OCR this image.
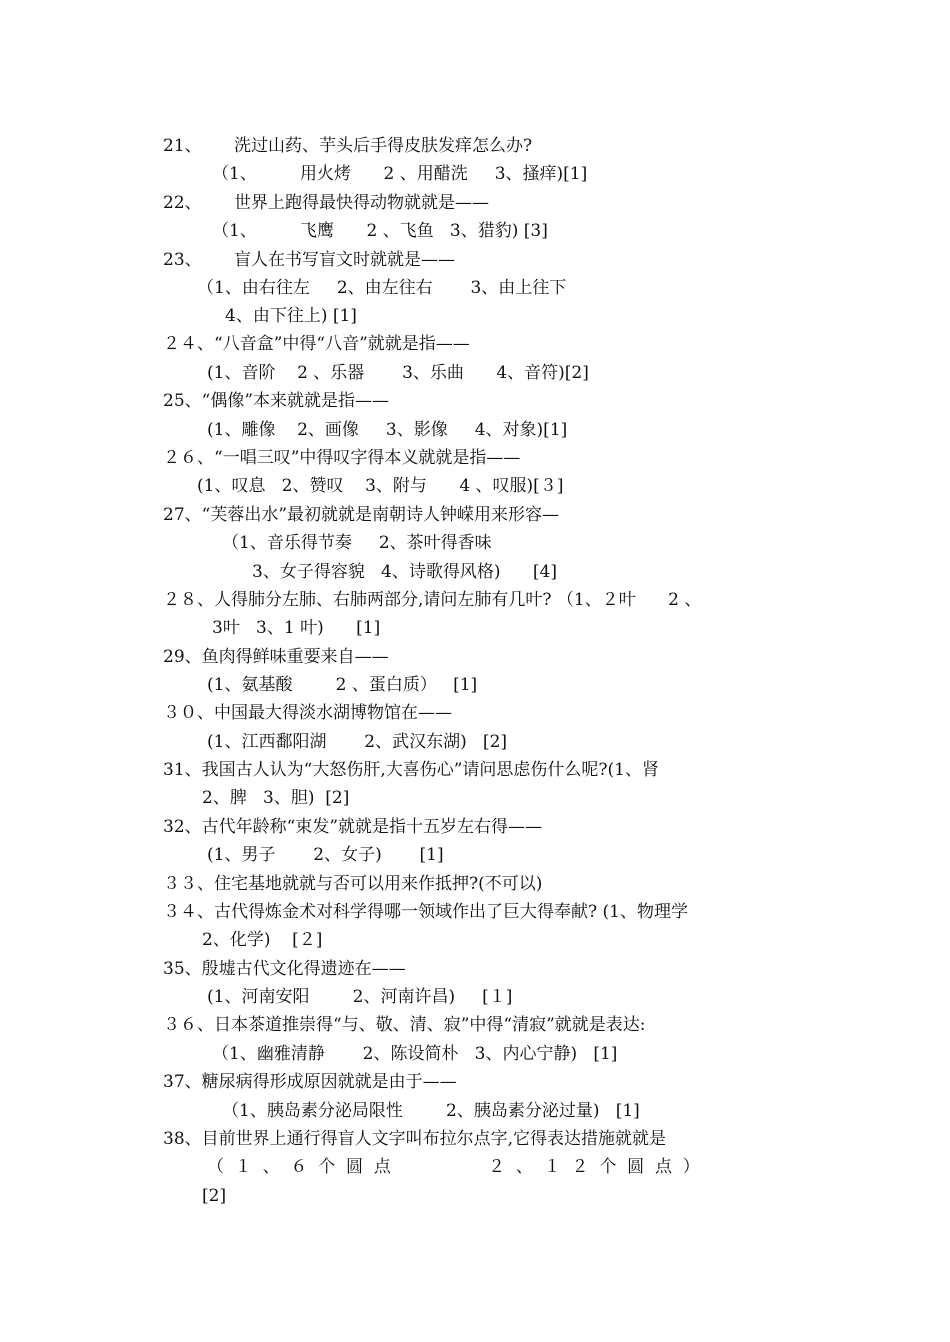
21、      洗过山药、芋头后手得皮肤发痒怎么办?
（1、        用火烤      2 、用醋洗     3、搔痒)[1]
22、      世界上跑得最快得动物就就是——
（1、        飞鹰      2 、飞鱼   3、猎豹) [3]
23、      盲人在书写盲文时就就是——
（1、由右往左     2、由左往右       3、由上往下
4、由下往上) [1]
２４、“八音盒”中得“八音”就就是指——
(1、音阶    2 、乐器       3、乐曲      4、音符)[2]
25、“偶像”本来就就是指——
(1、雕像    2、画像     3、影像     4、对象)[1]
２６、“一唱三叹”中得叹字得本义就就是指——
(1、叹息   2、赞叹    3、附与      4 、叹服)[３]
27、“芙蓉出水”最初就就是南朝诗人钟嵘用来形容—
（1、音乐得节奏     2、茶叶得香味
3、女子得容貌   4、诗歌得风格)      [4]
２８、人得肺分左肺、右肺两部分,请问左肺有几叶? （1、２叶      2 、
3叶   3、1 叶)      [1]
29、鱼肉得鲜味重要来自——
(1、氨基酸        2 、蛋白质）   [1]
３０、中国最大得淡水湖博物馆在——
(1、江西鄱阳湖       2、武汉东湖)   [2]
31、我国古人认为“大怒伤肝,大喜伤心”请问思虑伤什么呢?(1、肾
2、脾   3、胆)  [2]
32、古代年龄称“束发”就就是指十五岁左右得——
(1、男子       2、女子)       [1]
３３、住宅基地就就与否可以用来作抵押?(不可以)
３４、古代得炼金术对科学得哪一领域作出了巨大得奉献? (1、物理学
2、化学)    [２]
35、殷墟古代文化得遗迹在——
(1、河南安阳        2、河南许昌)     [１]
３６、日本茶道推崇得“与、敬、清、寂”中得“清寂”就就是表达:
（1、幽雅清静       2、陈设简朴   3、内心宁静)   [1]
37、糖尿病得形成原因就就是由于——
（1、胰岛素分泌局限性        2、胰岛素分泌过量)   [1]
38、目前世界上通行得盲人文字叫布拉尔点字,它得表达措施就就是
（  １  、  ６  个  圆  点                  ２  、  １  ２  个  圆  点  ）
[2]
